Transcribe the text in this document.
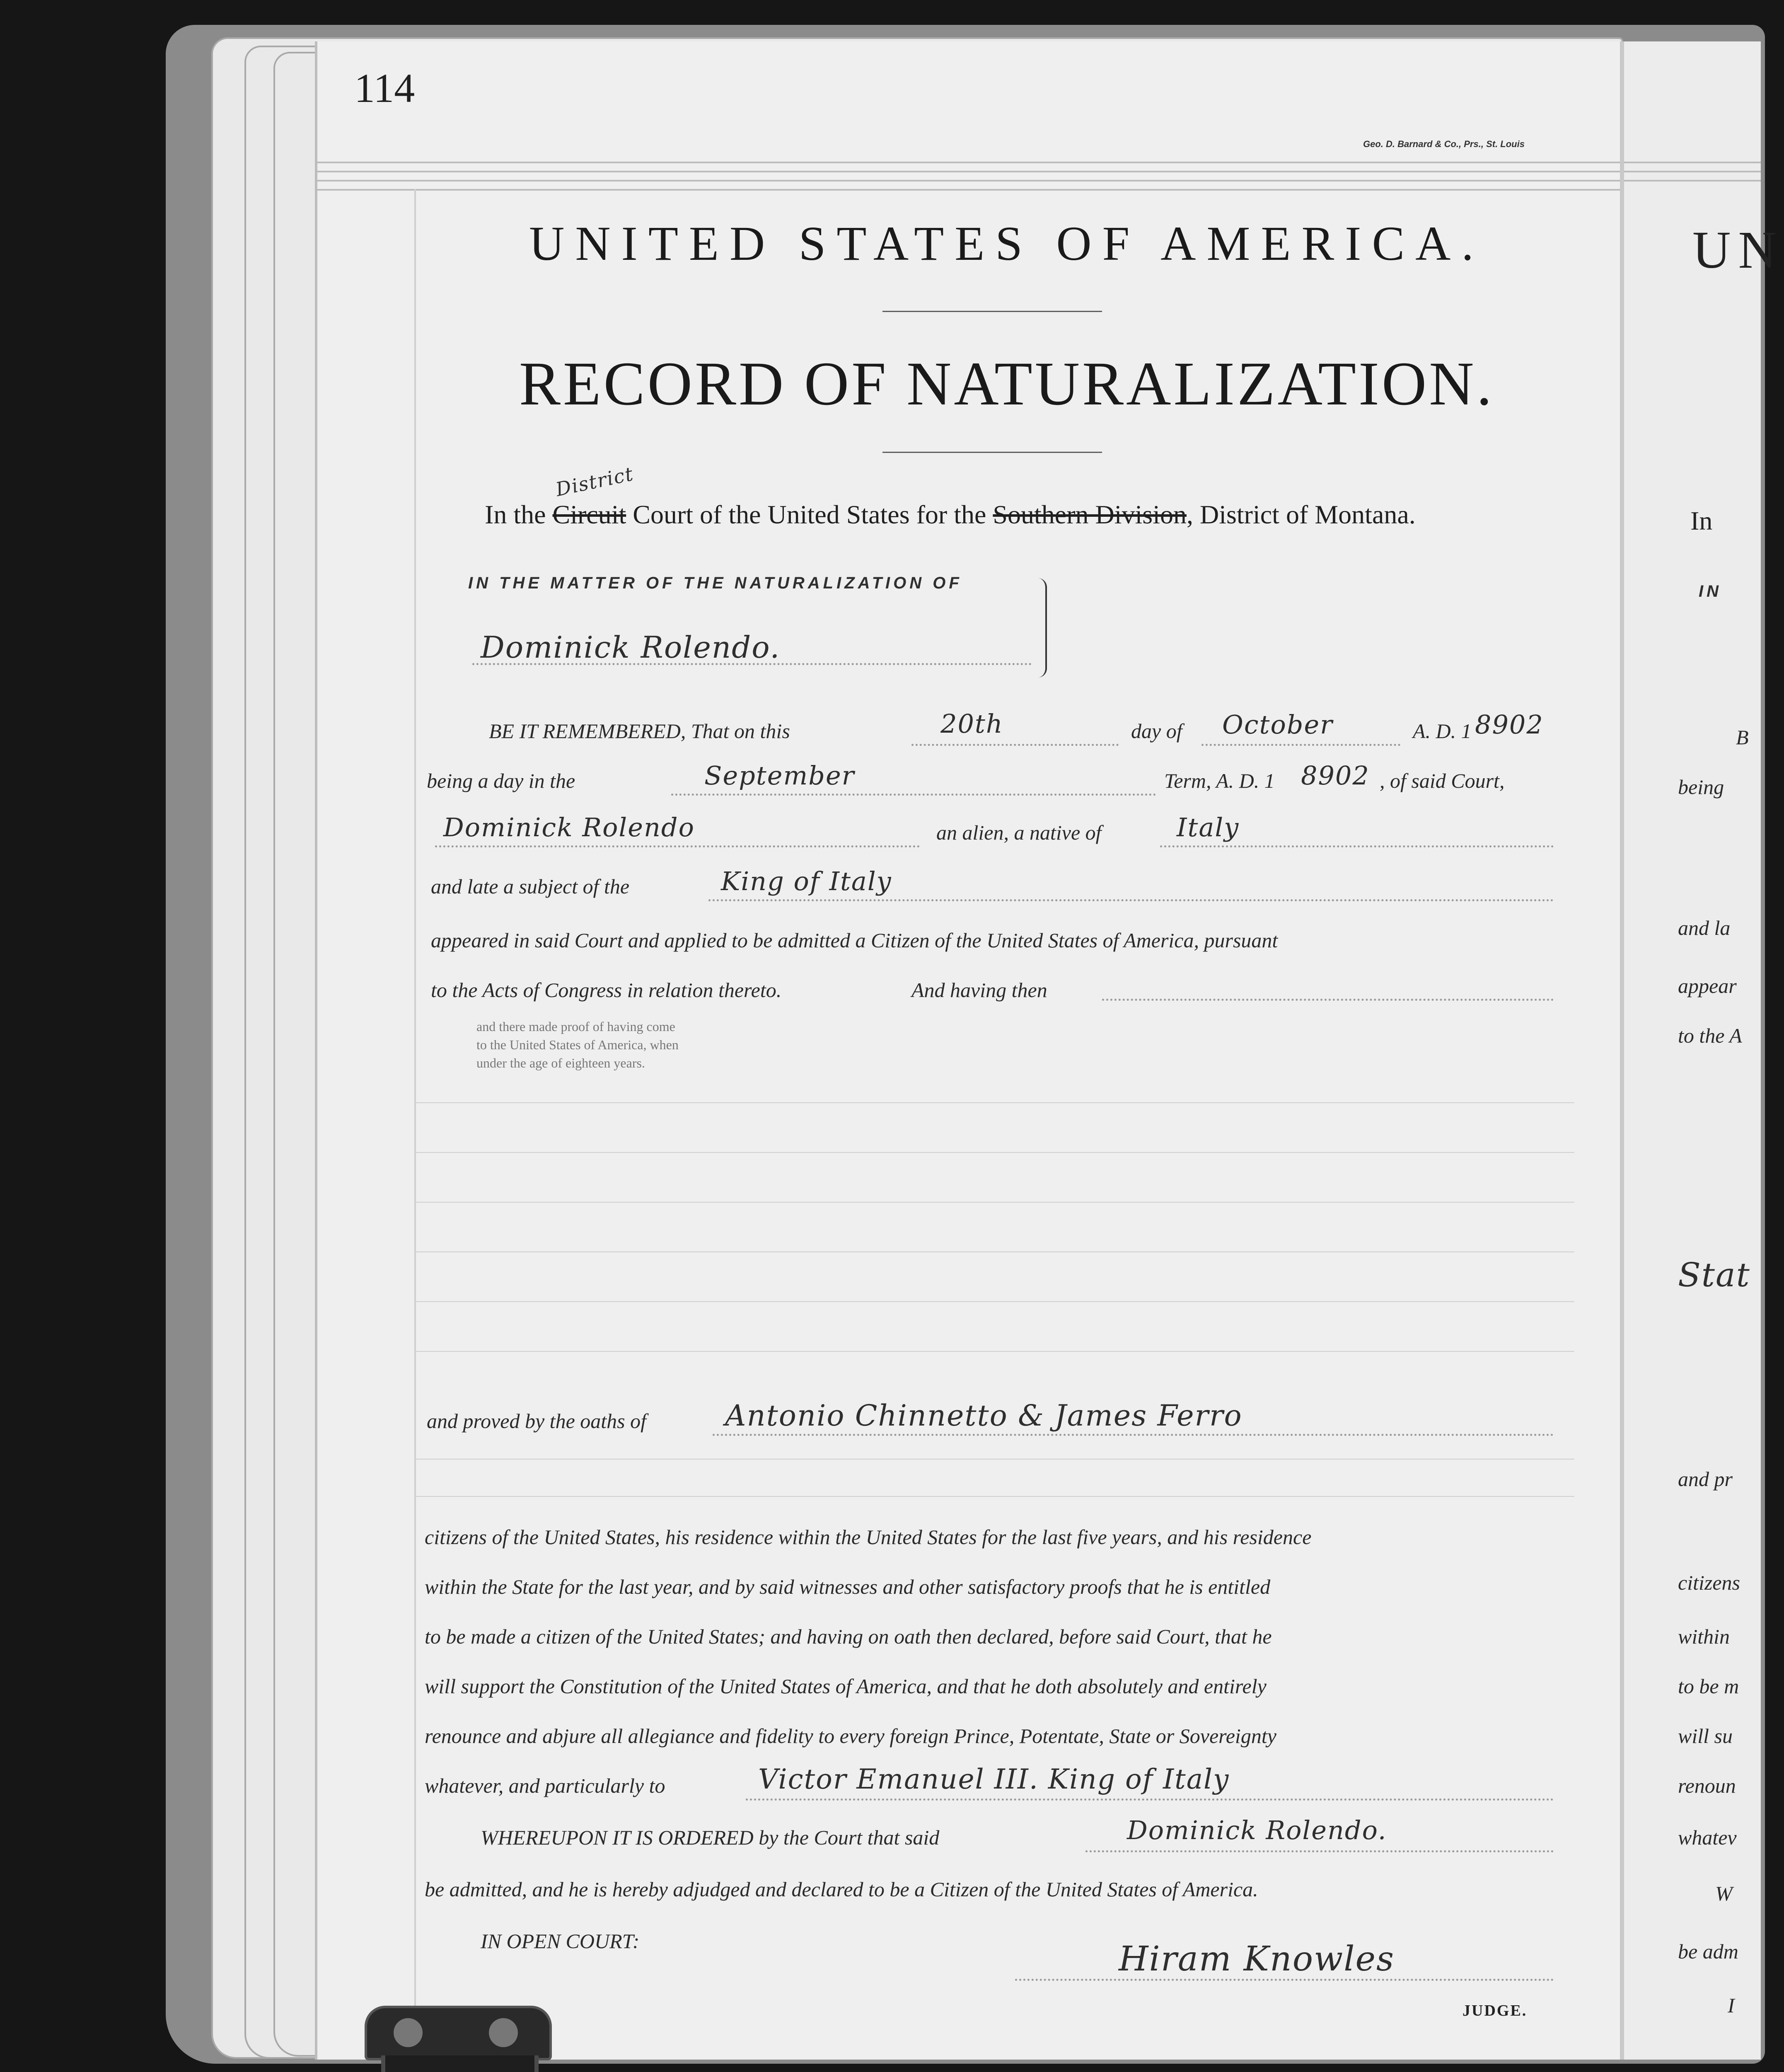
UN
In
IN
B
being
and la
appear
to the A
Stat
and pr
citizens
within
to be m
will su
renoun
whatev
W
be adm
I
114
Geo. D. Barnard & Co., Prs., St. Louis
UNITED STATES OF AMERICA.
RECORD OF NATURALIZATION.
In the Circuit Court of the United States for the Southern Division, District of Montana.
District
IN THE MATTER OF THE NATURALIZATION OF
Dominick Rolendo.
BE IT REMEMBERED, That on this	20th	day of October	A. D. 1 8902
being a day in the	September	Term, A. D. 1 8902 , of said Court,
Dominick Rolendo	an alien, a native of	Italy
and late a subject of the	King of Italy
appeared in said Court and applied to be admitted a Citizen of the United States of America, pursuant
to the Acts of Congress in relation thereto.	And having then
and there made proof of having come
to the United States of America, when
under the age of eighteen years.
and proved by the oaths of	Antonio Chinnetto & James Ferro
citizens of the United States, his residence within the United States for the last five years, and his residence
within the State for the last year, and by said witnesses and other satisfactory proofs that he is entitled
to be made a citizen of the United States; and having on oath then declared, before said Court, that he
will support the Constitution of the United States of America, and that he doth absolutely and entirely
renounce and abjure all allegiance and fidelity to every foreign Prince, Potentate, State or Sovereignty
whatever, and particularly to	Victor Emanuel III. King of Italy
WHEREUPON IT IS ORDERED by the Court that said	Dominick Rolendo.
be admitted, and he is hereby adjudged and declared to be a Citizen of the United States of America.
IN OPEN COURT:	Hiram Knowles
JUDGE.
